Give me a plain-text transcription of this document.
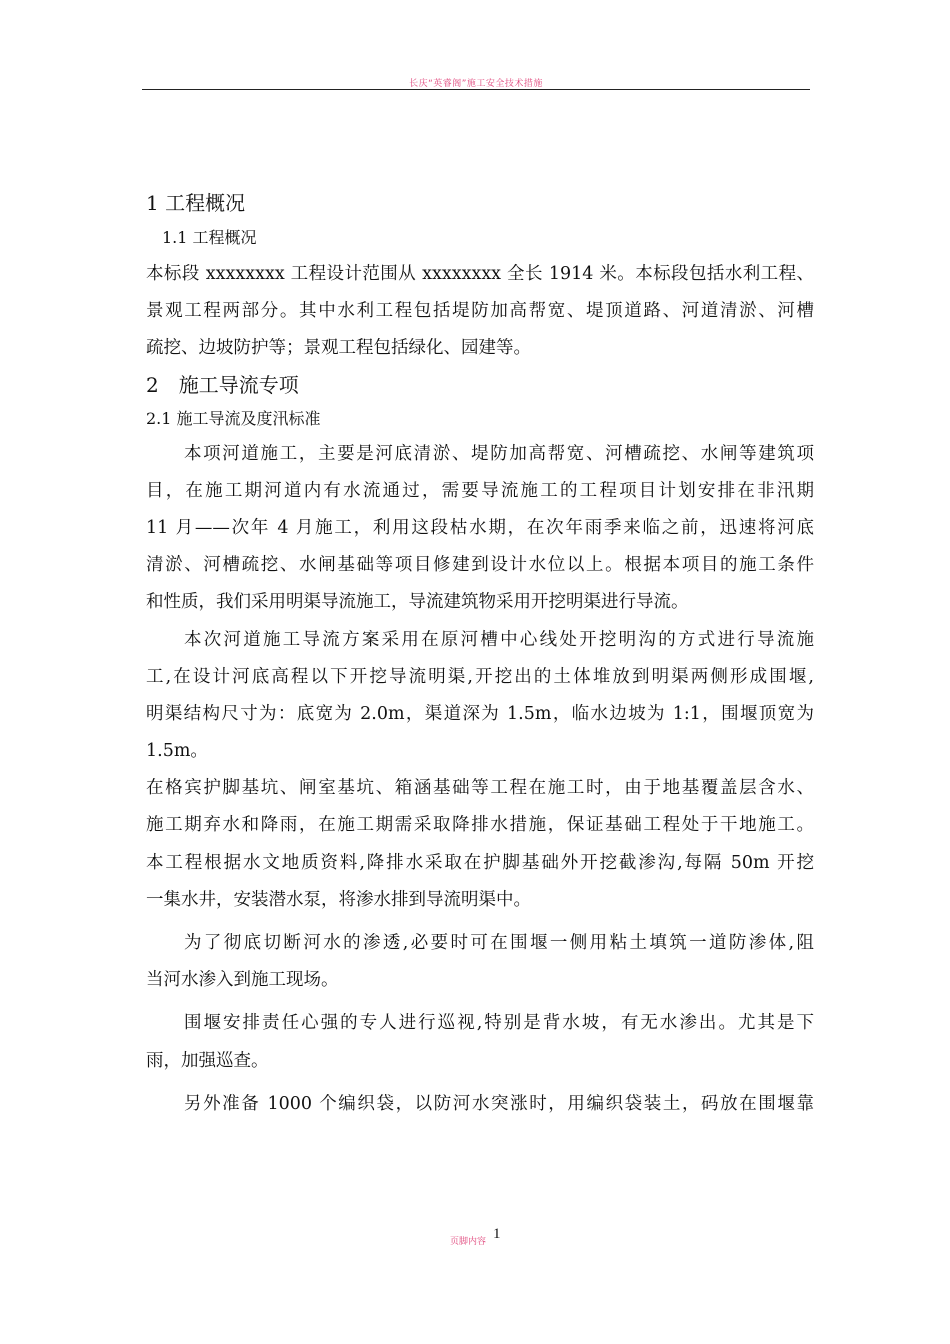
长庆“英睿阁”施工安全技术措施
1 工程概况
1.1 工程概况
本标段 xxxxxxxx 工程设计范围从 xxxxxxxx 全长 1914 米。本标段包括水利工程、
景观工程两部分。其中水利工程包括堤防加高帮宽、堤顶道路、河道清淤、河槽
疏挖、边坡防护等；景观工程包括绿化、园建等。
2　施工导流专项
2.1 施工导流及度汛标准
本项河道施工，主要是河底清淤、堤防加高帮宽、河槽疏挖、水闸等建筑项
目，在施工期河道内有水流通过，需要导流施工的工程项目计划安排在非汛期
11 月——次年 4 月施工，利用这段枯水期，在次年雨季来临之前，迅速将河底
清淤、河槽疏挖、水闸基础等项目修建到设计水位以上。根据本项目的施工条件
和性质，我们采用明渠导流施工，导流建筑物采用开挖明渠进行导流。
本次河道施工导流方案采用在原河槽中心线处开挖明沟的方式进行导流施
工,在设计河底高程以下开挖导流明渠,开挖出的土体堆放到明渠两侧形成围堰,
明渠结构尺寸为：底宽为 2.0m，渠道深为 1.5m，临水边坡为 1:1，围堰顶宽为
1.5m。
在格宾护脚基坑、闸室基坑、箱涵基础等工程在施工时，由于地基覆盖层含水、
施工期弃水和降雨，在施工期需采取降排水措施，保证基础工程处于干地施工。
本工程根据水文地质资料,降排水采取在护脚基础外开挖截渗沟,每隔 50m 开挖
一集水井，安装潜水泵，将渗水排到导流明渠中。
为了彻底切断河水的渗透,必要时可在围堰一侧用粘土填筑一道防渗体,阻
当河水渗入到施工现场。
围堰安排责任心强的专人进行巡视,特别是背水坡，有无水渗出。尤其是下
雨，加强巡查。
另外准备 1000 个编织袋，以防河水突涨时，用编织袋装土，码放在围堰靠
页脚内容 1
